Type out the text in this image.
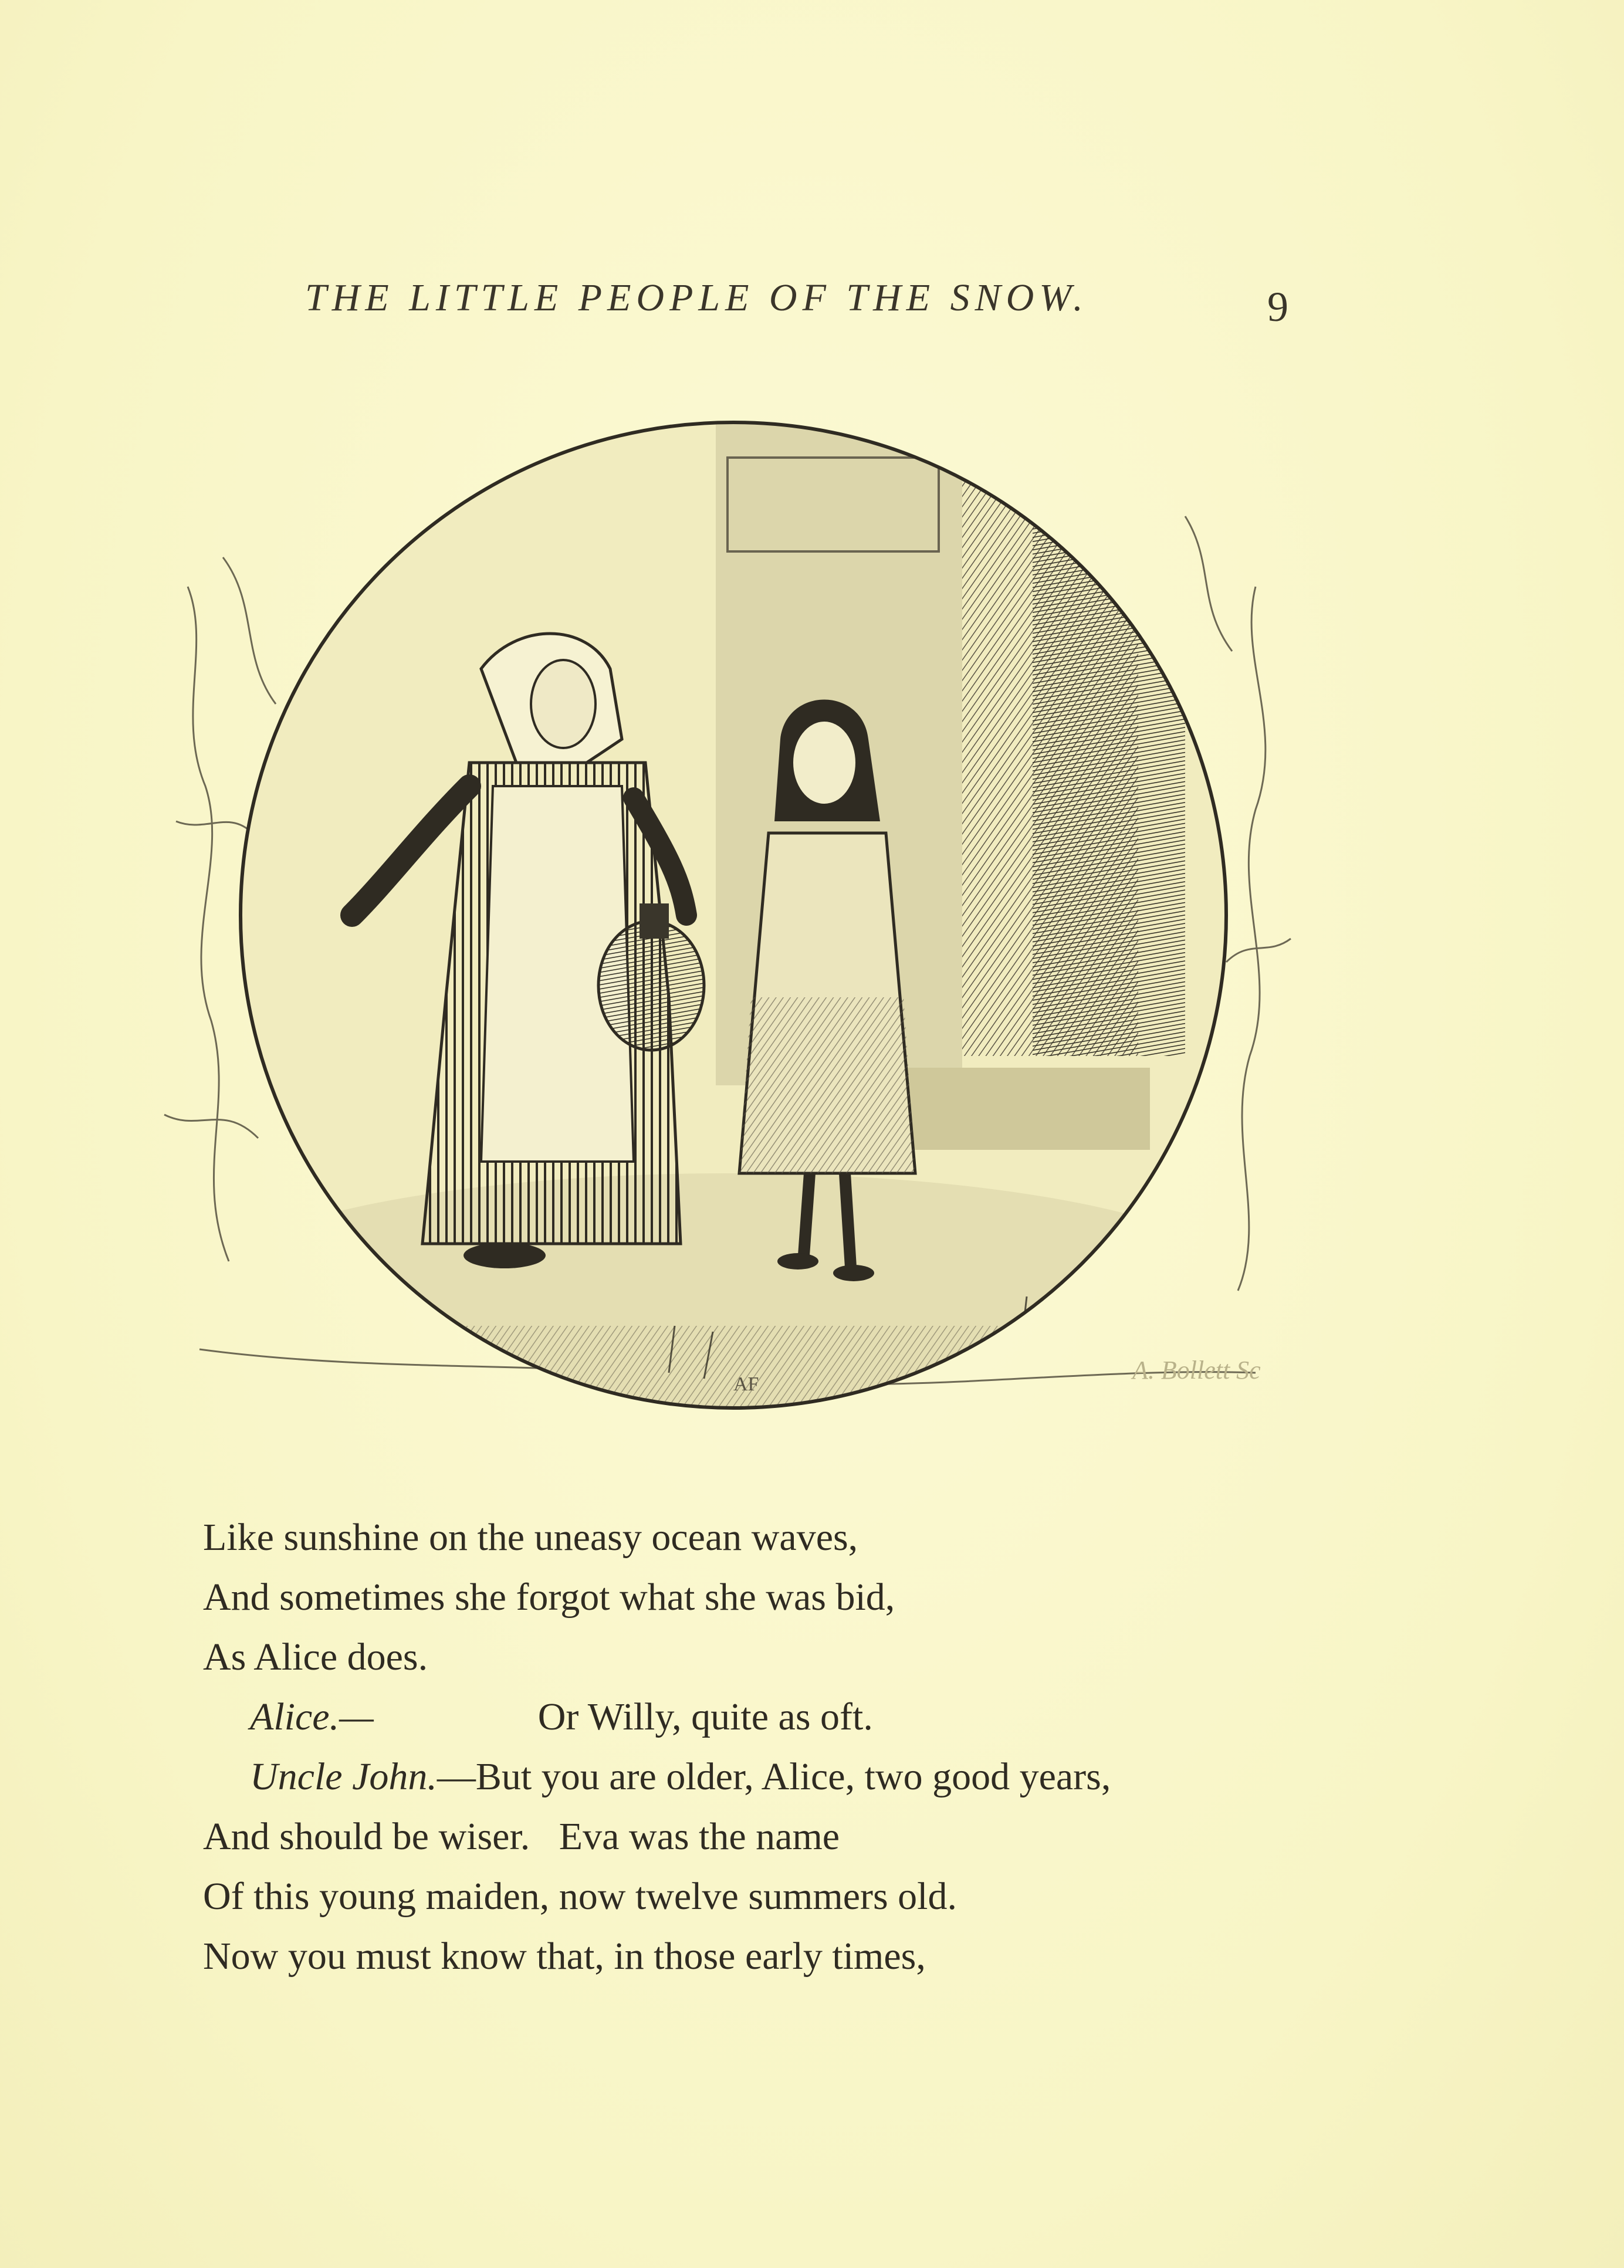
THE LITTLE PEOPLE OF THE SNOW.	9
AF	A. Bollett Sc
Like sunshine on the uneasy ocean waves,
And sometimes she forgot what she was bid,
As Alice does.
Alice.—	Or Willy, quite as oft.
Uncle John.—But you are older, Alice, two good years,
And should be wiser.   Eva was the name
Of this young maiden, now twelve summers old.
Now you must know that, in those early times,
